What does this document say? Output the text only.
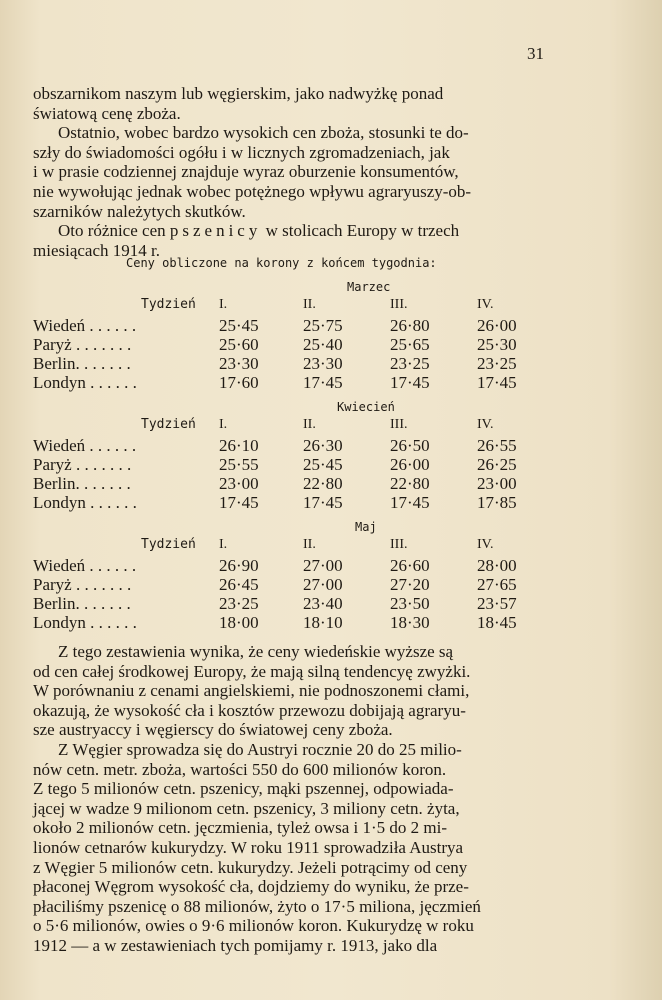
31

obszarnikom naszym lub węgierskim, jako nadwyżkę ponad

światową cenę zboża.

Ostatnio, wobec bardzo wysokich cen zboża, stosunki te do-

szły do świadomości ogółu i w licznych zgromadzeniach, jak

i w prasie codziennej znajduje wyraz oburzenie konsumentów,

nie wywołując jednak wobec potężnego wpływu agraryuszy-ob-

szarników należytych skutków.

Oto różnice cen pszenicy w stolicach Europy w trzech

miesiącach 1914 r.

Ceny obliczone na korony z końcem tygodnia:
Marzec
Tydzień I.	II.	III.	IV.
Wiedeń . . . . . .	25·45	25·75	26·80	26·00
Paryż . . . . . . .	25·60	25·40	25·65	25·30
Berlin. . . . . . .	23·30	23·30	23·25	23·25
Londyn . . . . . .	17·60	17·45	17·45	17·45
Kwiecień
Tydzień I.	II.	III.	IV.
Wiedeń . . . . . .	26·10	26·30	26·50	26·55
Paryż . . . . . . .	25·55	25·45	26·00	26·25
Berlin. . . . . . .	23·00	22·80	22·80	23·00
Londyn . . . . . .	17·45	17·45	17·45	17·85
Maj
Tydzień I.	II.	III.	IV.
Wiedeń . . . . . .	26·90	27·00	26·60	28·00
Paryż . . . . . . .	26·45	27·00	27·20	27·65
Berlin. . . . . . .	23·25	23·40	23·50	23·57
Londyn . . . . . .	18·00	18·10	18·30	18·45

Z tego zestawienia wynika, że ceny wiedeńskie wyższe są

od cen całej środkowej Europy, że mają silną tendencyę zwyżki.

W porównaniu z cenami angielskiemi, nie podnoszonemi cłami,

okazują, że wysokość cła i kosztów przewozu dobijają agraryu-

sze austryaccy i węgierscy do światowej ceny zboża.

Z Węgier sprowadza się do Austryi rocznie 20 do 25 milio-

nów cetn. metr. zboża, wartości 550 do 600 milionów koron.

Z tego 5 milionów cetn. pszenicy, mąki pszennej, odpowiada-

jącej w wadze 9 milionom cetn. pszenicy, 3 miliony cetn. żyta,

około 2 milionów cetn. jęczmienia, tyleż owsa i 1·5 do 2 mi-

lionów cetnarów kukurydzy. W roku 1911 sprowadziła Austrya

z Węgier 5 milionów cetn. kukurydzy. Jeżeli potrącimy od ceny

płaconej Węgrom wysokość cła, dojdziemy do wyniku, że prze-

płaciliśmy pszenicę o 88 milionów, żyto o 17·5 miliona, jęczmień

o 5·6 milionów, owies o 9·6 milionów koron. Kukurydzę w roku

1912 — a w zestawieniach tych pomijamy r. 1913, jako dla
